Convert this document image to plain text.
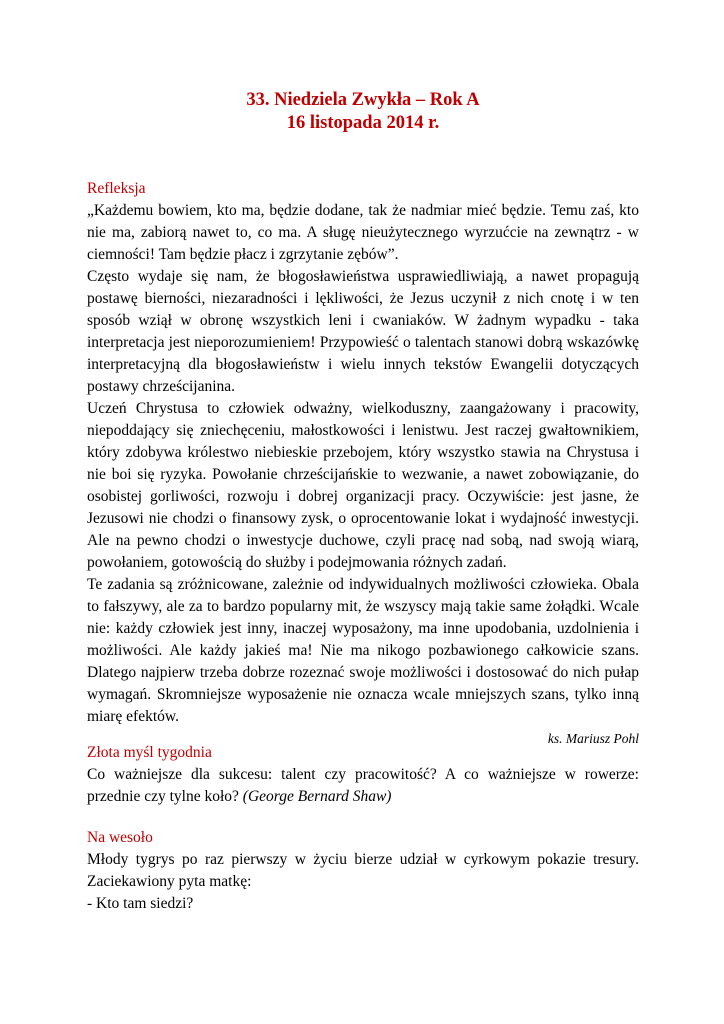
33. Niedziela Zwykła – Rok A
16 listopada 2014 r.

Refleksja

„Każdemu bowiem, kto ma, będzie dodane, tak że nadmiar mieć będzie. Temu zaś, kto nie ma, zabiorą nawet to, co ma. A sługę nieużytecznego wyrzućcie na zewnątrz - w ciemności! Tam będzie płacz i zgrzytanie zębów”.

Często wydaje się nam, że błogosławieństwa usprawiedliwiają, a nawet propagują postawę bierności, niezaradności i lękliwości, że Jezus uczynił z nich cnotę i w ten sposób wziął w obronę wszystkich leni i cwaniaków. W żadnym wypadku - taka interpretacja jest nieporozumieniem! Przypowieść o talentach stanowi dobrą wskazówkę interpretacyjną dla błogosławieństw i wielu innych tekstów Ewangelii dotyczących postawy chrześcijanina.

Uczeń Chrystusa to człowiek odważny, wielkoduszny, zaangażowany i pracowity, niepoddający się zniechęceniu, małostkowości i lenistwu. Jest raczej gwałtownikiem, który zdobywa królestwo niebieskie przebojem, który wszystko stawia na Chrystusa i nie boi się ryzyka. Powołanie chrześcijańskie to wezwanie, a nawet zobowiązanie, do osobistej gorliwości, rozwoju i dobrej organizacji pracy. Oczywiście: jest jasne, że Jezusowi nie chodzi o finansowy zysk, o oprocentowanie lokat i wydajność inwestycji. Ale na pewno chodzi o inwestycje duchowe, czyli pracę nad sobą, nad swoją wiarą, powołaniem, gotowością do służby i podejmowania różnych zadań.

Te zadania są zróżnicowane, zależnie od indywidualnych możliwości człowieka. Obala to fałszywy, ale za to bardzo popularny mit, że wszyscy mają takie same żołądki. Wcale nie: każdy człowiek jest inny, inaczej wyposażony, ma inne upodobania, uzdolnienia i możliwości. Ale każdy jakieś ma! Nie ma nikogo pozbawionego całkowicie szans. Dlatego najpierw trzeba dobrze rozeznać swoje możliwości i dostosować do nich pułap wymagań. Skromniejsze wyposażenie nie oznacza wcale mniejszych szans, tylko inną miarę efektów.

ks. Mariusz Pohl

Złota myśl tygodnia

Co ważniejsze dla sukcesu: talent czy pracowitość? A co ważniejsze w rowerze: przednie czy tylne koło? (George Bernard Shaw)

Na wesoło

Młody tygrys po raz pierwszy w życiu bierze udział w cyrkowym pokazie tresury. Zaciekawiony pyta matkę:

- Kto tam siedzi?
